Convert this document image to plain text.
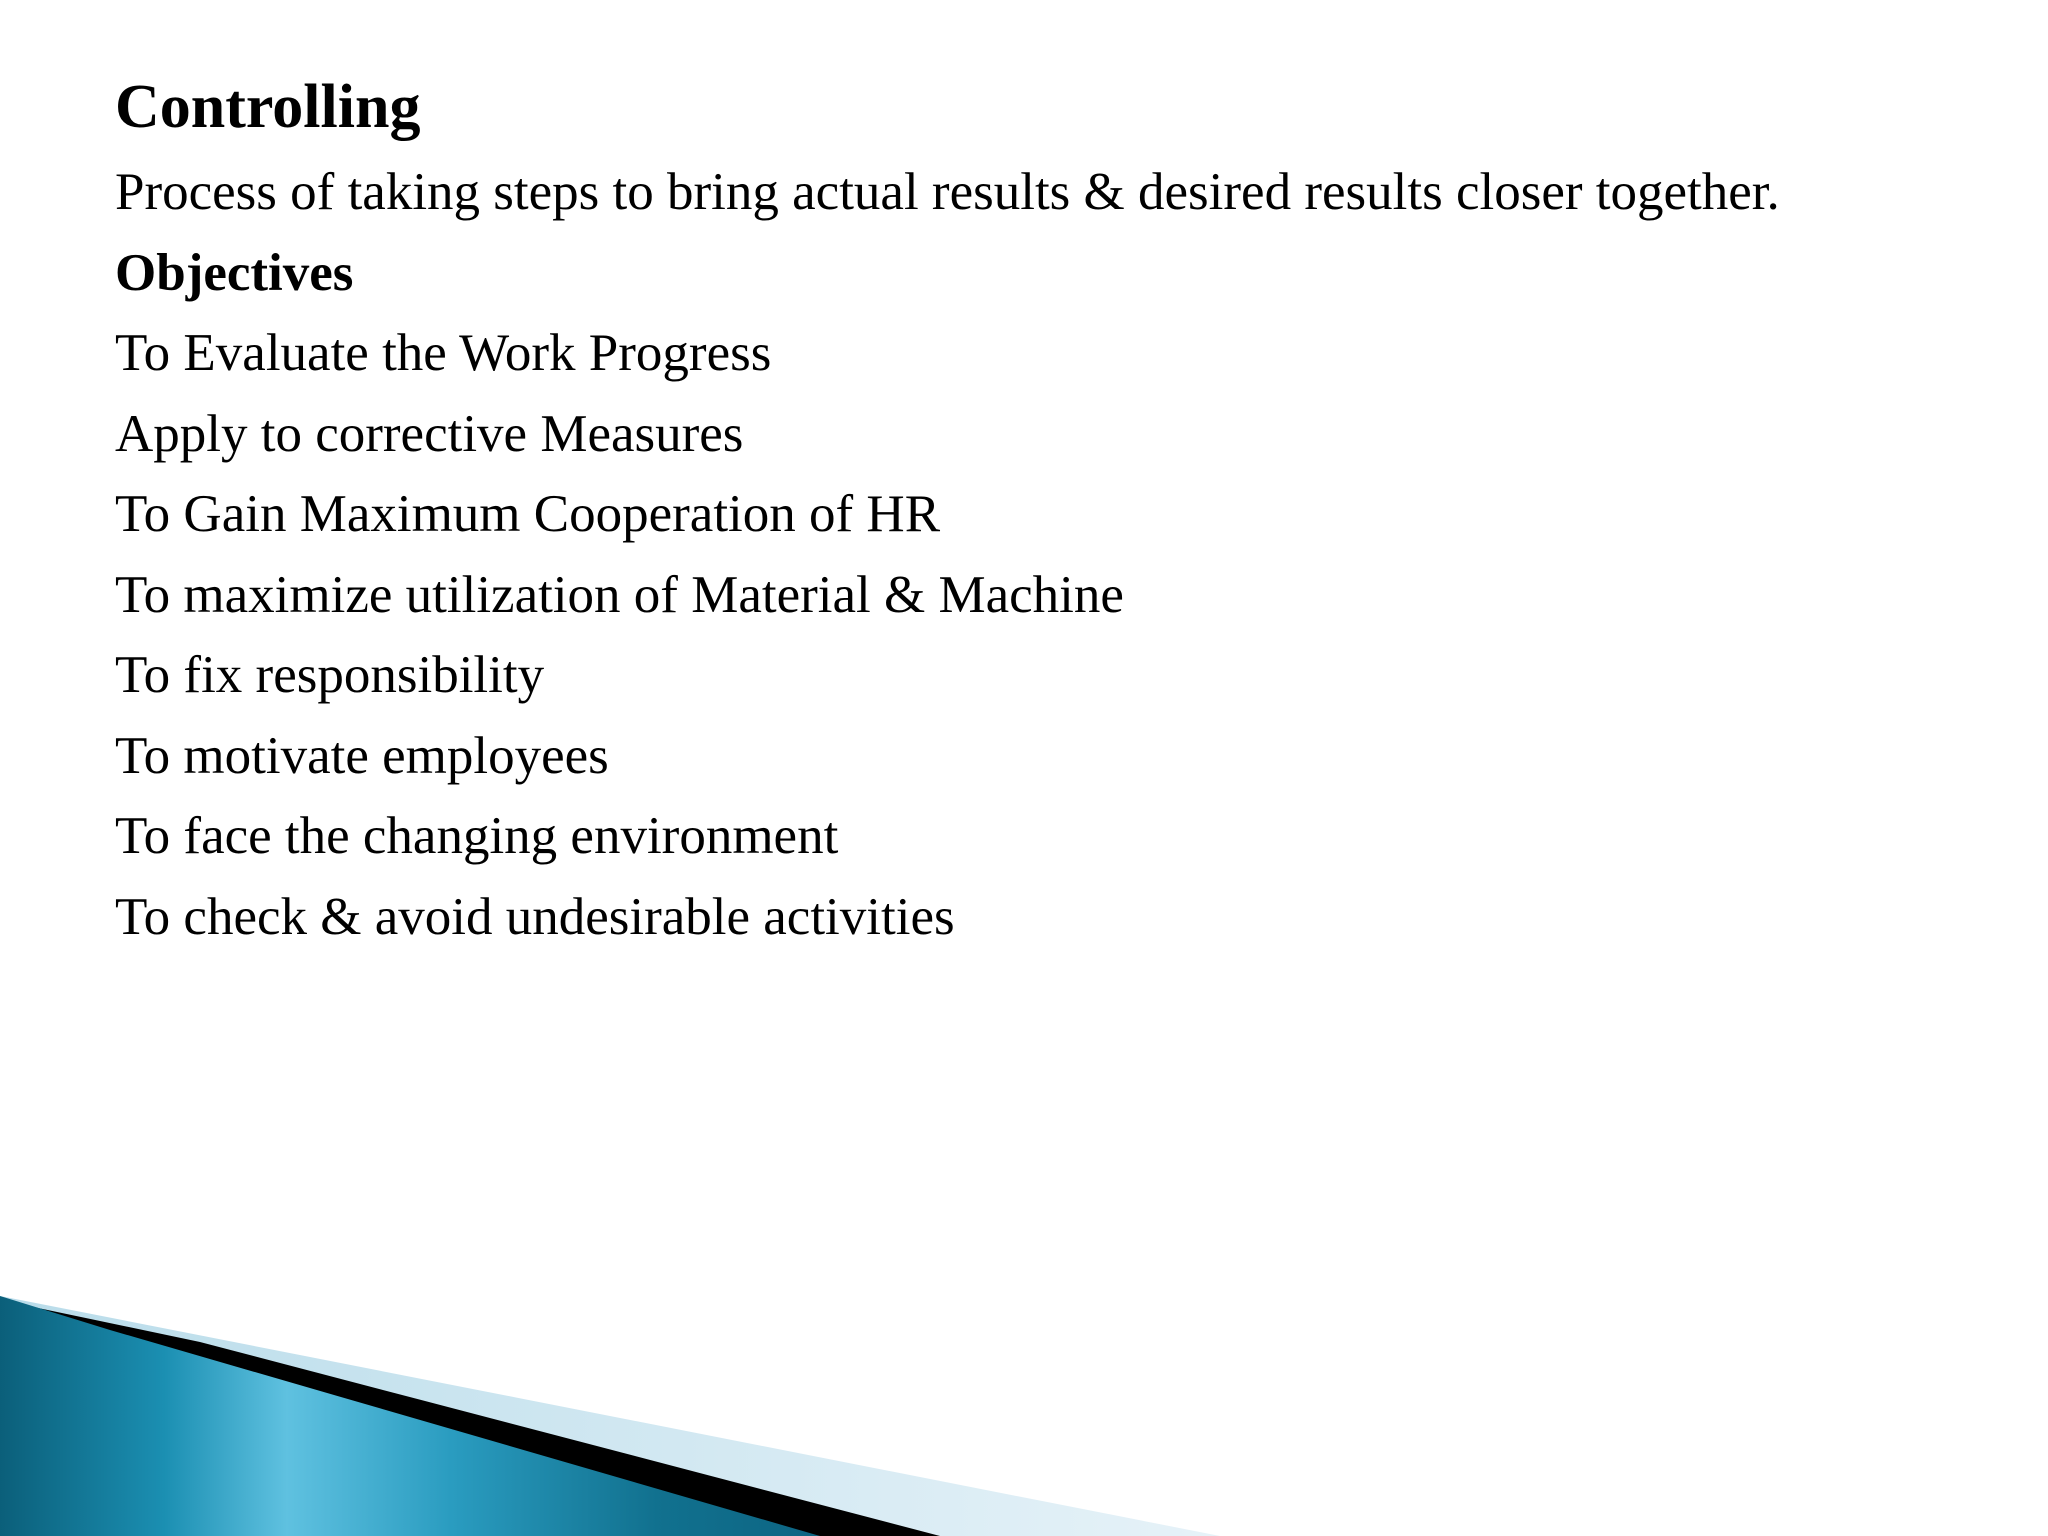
Controlling

Process of taking steps to bring actual results & desired results closer together.

Objectives

To Evaluate the Work Progress

Apply to corrective Measures

To Gain Maximum Cooperation of HR

To maximize utilization of Material & Machine

To fix responsibility

To motivate employees

To face the changing environment

To check & avoid undesirable activities
